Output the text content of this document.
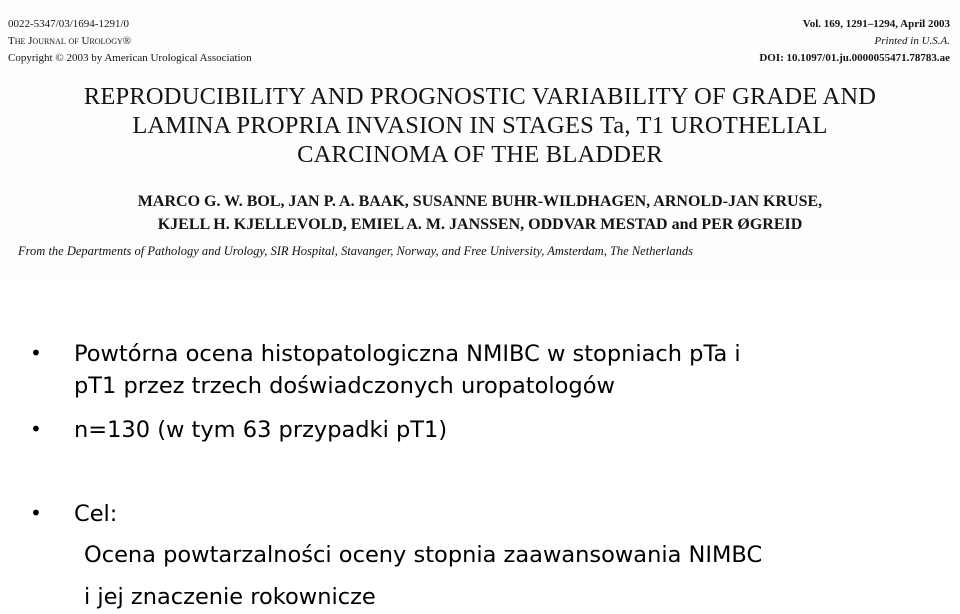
0022-5347/03/1694-1291/0
The Journal of Urology®
Copyright © 2003 by American Urological Association
Vol. 169, 1291–1294, April 2003
Printed in U.S.A.
DOI: 10.1097/01.ju.0000055471.78783.ae
REPRODUCIBILITY AND PROGNOSTIC VARIABILITY OF GRADE AND
LAMINA PROPRIA INVASION IN STAGES Ta, T1 UROTHELIAL
CARCINOMA OF THE BLADDER
MARCO G. W. BOL, JAN P. A. BAAK, SUSANNE BUHR-WILDHAGEN, ARNOLD-JAN KRUSE,
KJELL H. KJELLEVOLD, EMIEL A. M. JANSSEN, ODDVAR MESTAD and PER ØGREID
From the Departments of Pathology and Urology, SIR Hospital, Stavanger, Norway, and Free University, Amsterdam, The Netherlands
• Powtórna ocena histopatologiczna NMIBC w stopniach pTa i
pT1 przez trzech doświadczonych uropatologów
• n=130 (w tym 63 przypadki pT1)
• Cel:
Ocena powtarzalności oceny stopnia zaawansowania NIMBC
i jej znaczenie rokownicze
